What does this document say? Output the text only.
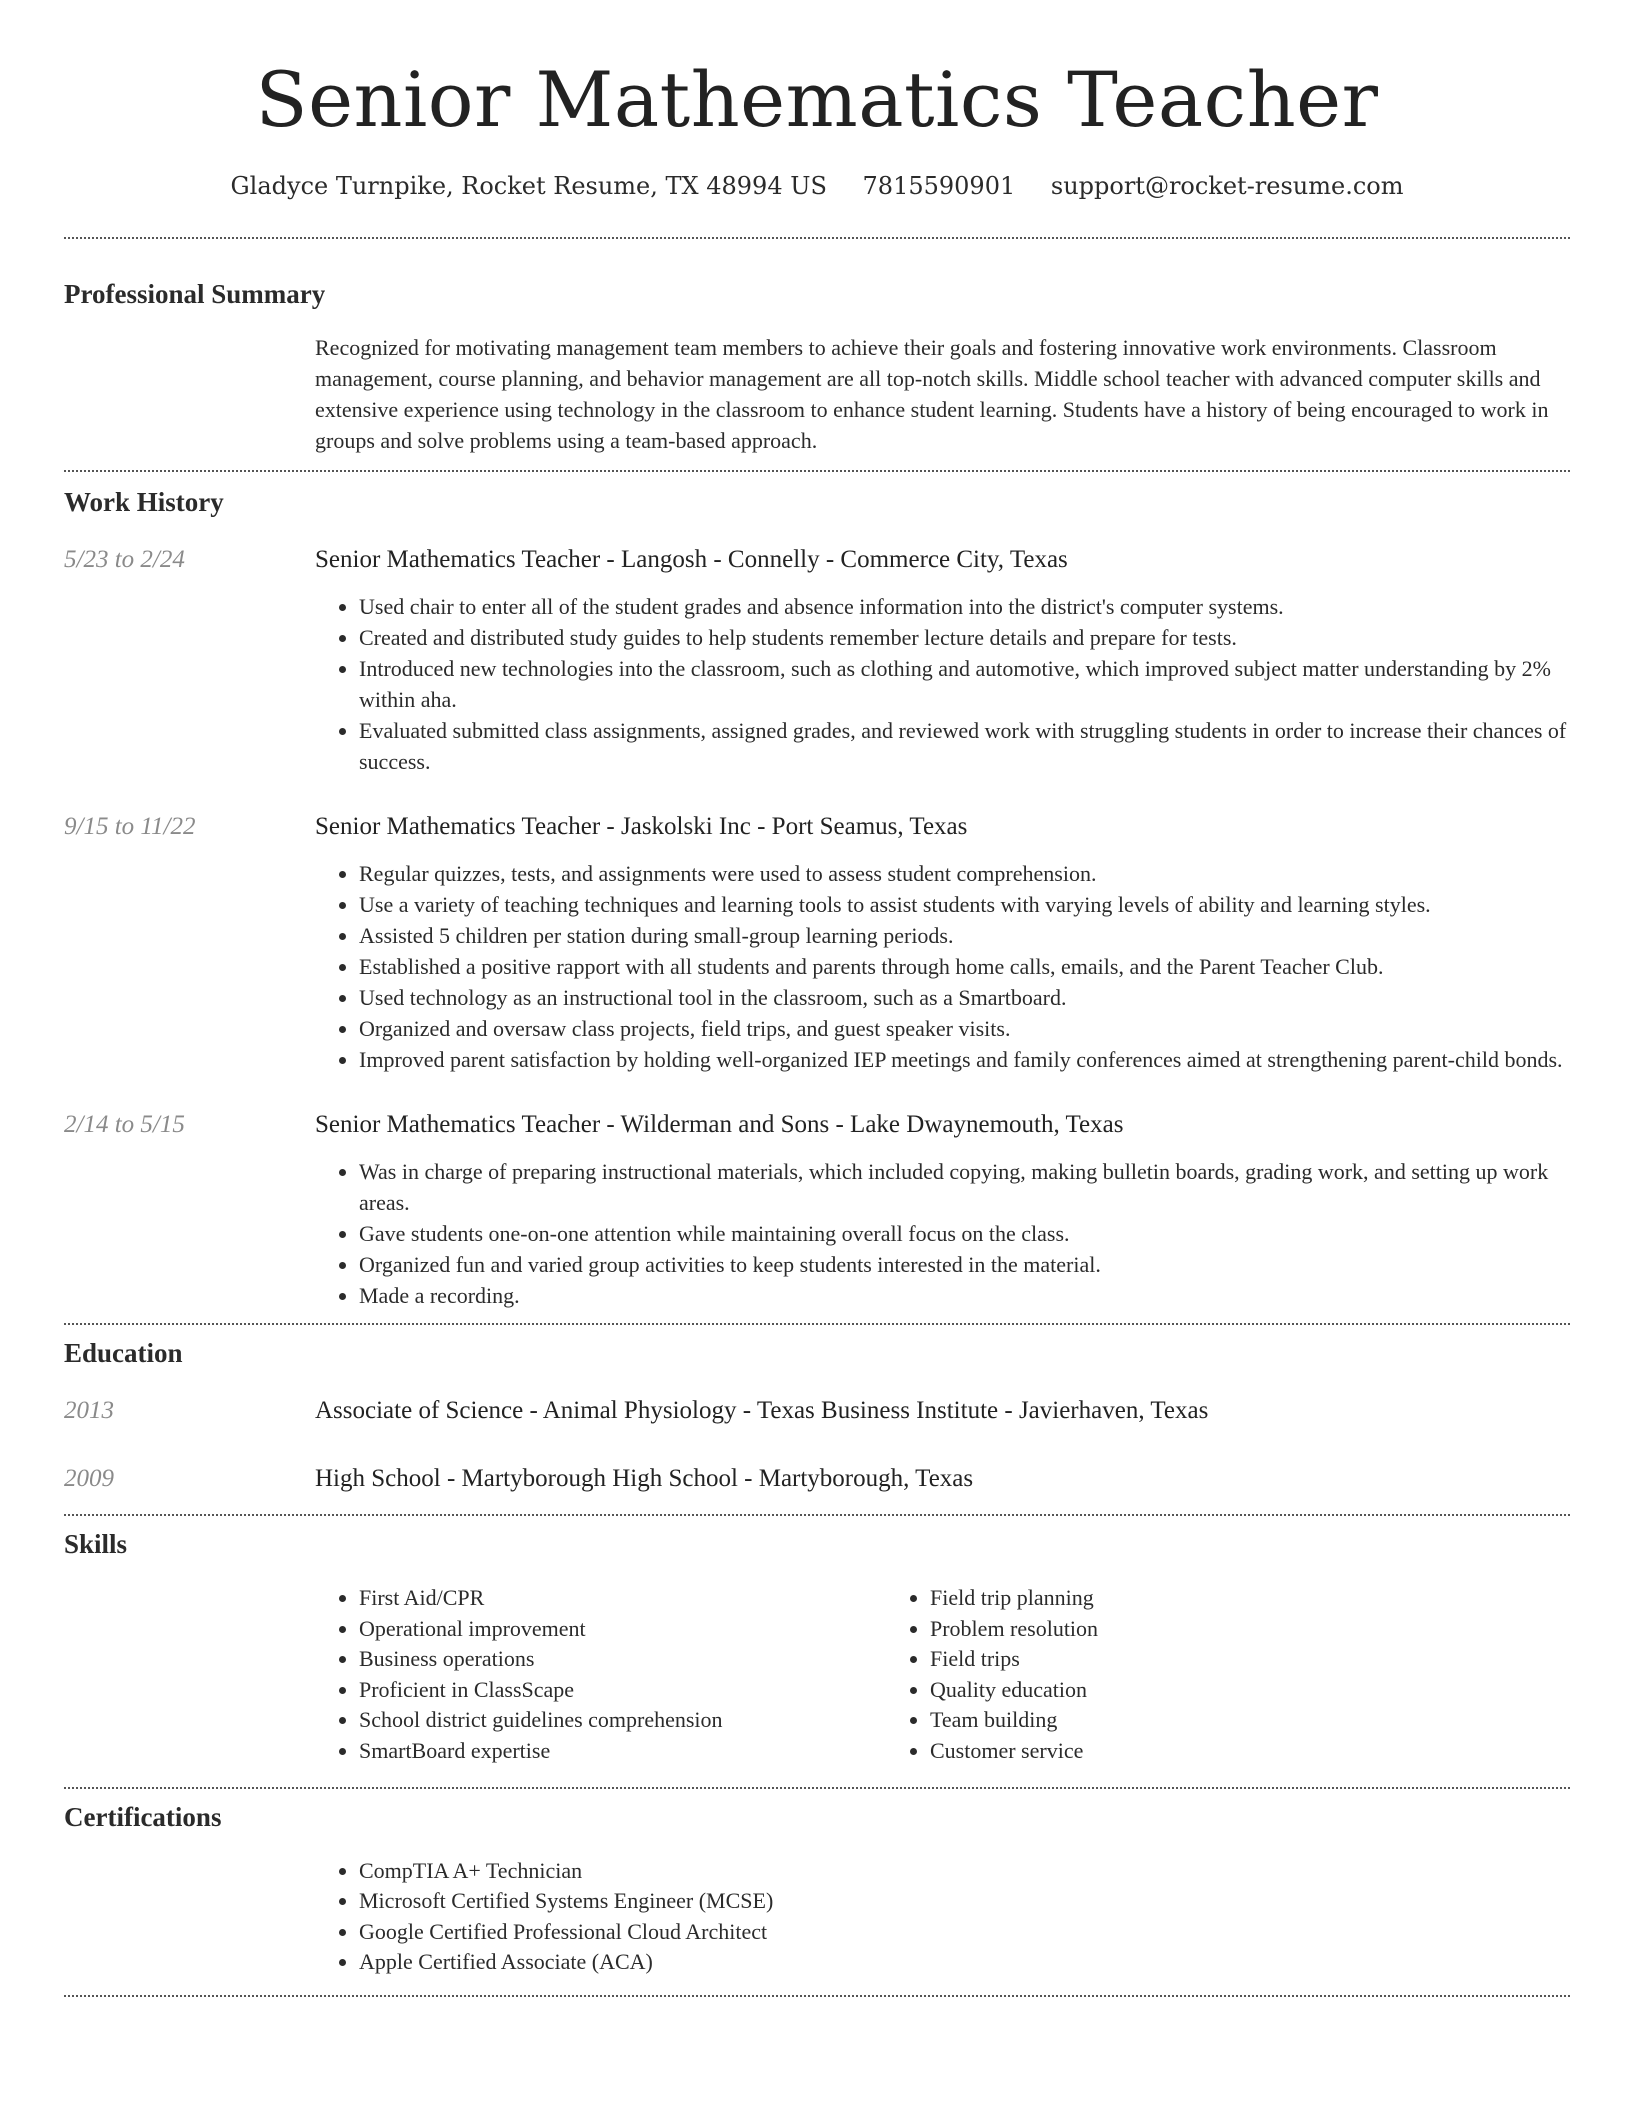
Senior Mathematics Teacher
Gladyce Turnpike, Rocket Resume, TX 48994 US 7815590901 support@rocket-resume.com
Professional Summary
Recognized for motivating management team members to achieve their goals and fostering innovative work environments. Classroom management, course planning, and behavior management are all top-notch skills. Middle school teacher with advanced computer skills and extensive experience using technology in the classroom to enhance student learning. Students have a history of being encouraged to work in groups and solve problems using a team-based approach.
Work History
5/23 to 2/24	Senior Mathematics Teacher - Langosh - Connelly - Commerce City, Texas
• Used chair to enter all of the student grades and absence information into the district's computer systems.
• Created and distributed study guides to help students remember lecture details and prepare for tests.
• Introduced new technologies into the classroom, such as clothing and automotive, which improved subject matter understanding by 2% within aha.
• Evaluated submitted class assignments, assigned grades, and reviewed work with struggling students in order to increase their chances of success.
9/15 to 11/22	Senior Mathematics Teacher - Jaskolski Inc - Port Seamus, Texas
• Regular quizzes, tests, and assignments were used to assess student comprehension.
• Use a variety of teaching techniques and learning tools to assist students with varying levels of ability and learning styles.
• Assisted 5 children per station during small-group learning periods.
• Established a positive rapport with all students and parents through home calls, emails, and the Parent Teacher Club.
• Used technology as an instructional tool in the classroom, such as a Smartboard.
• Organized and oversaw class projects, field trips, and guest speaker visits.
• Improved parent satisfaction by holding well-organized IEP meetings and family conferences aimed at strengthening parent-child bonds.
2/14 to 5/15	Senior Mathematics Teacher - Wilderman and Sons - Lake Dwaynemouth, Texas
• Was in charge of preparing instructional materials, which included copying, making bulletin boards, grading work, and setting up work areas.
• Gave students one-on-one attention while maintaining overall focus on the class.
• Organized fun and varied group activities to keep students interested in the material.
• Made a recording.
Education
2013	Associate of Science - Animal Physiology - Texas Business Institute - Javierhaven, Texas
2009	High School - Martyborough High School - Martyborough, Texas
Skills
• First Aid/CPR
• Operational improvement
• Business operations
• Proficient in ClassScape
• School district guidelines comprehension
• SmartBoard expertise
• Field trip planning
• Problem resolution
• Field trips
• Quality education
• Team building
• Customer service
Certifications
• CompTIA A+ Technician
• Microsoft Certified Systems Engineer (MCSE)
• Google Certified Professional Cloud Architect
• Apple Certified Associate (ACA)
